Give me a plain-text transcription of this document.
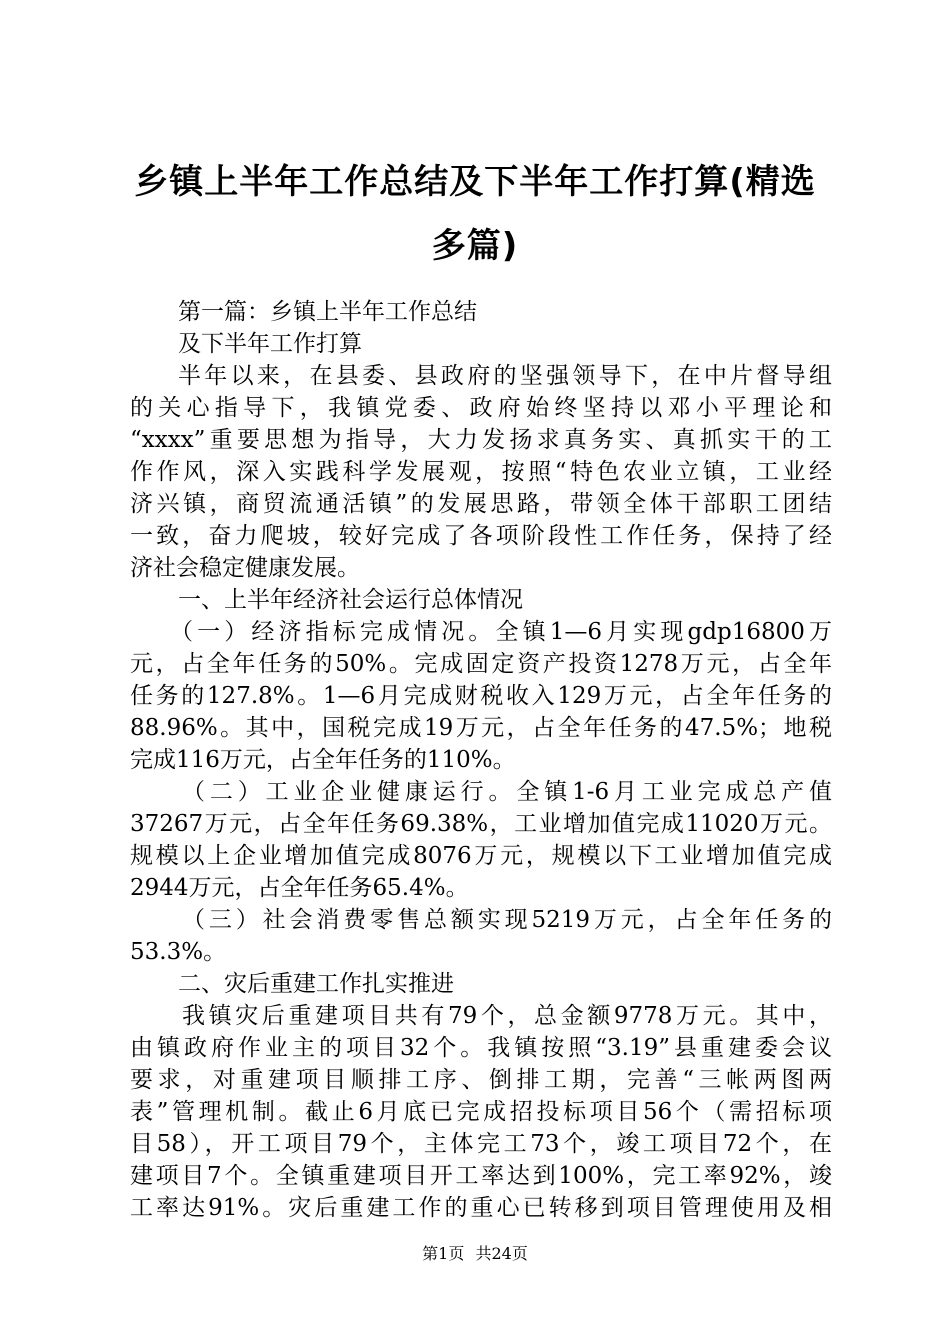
乡镇上半年工作总结及下半年工作打算(精选
多篇)
第一篇：乡镇上半年工作总结
及下半年工作打算
半年以来，在县委、县政府的坚强领导下，在中片督导组
的关心指导下，我镇党委、政府始终坚持以邓小平理论和
“xxxx”重要思想为指导，大力发扬求真务实、真抓实干的工
作作风，深入实践科学发展观，按照“特色农业立镇，工业经
济兴镇，商贸流通活镇”的发展思路，带领全体干部职工团结
一致，奋力爬坡，较好完成了各项阶段性工作任务，保持了经
济社会稳定健康发展。
一、上半年经济社会运行总体情况
（一）经济指标完成情况。全镇1—6月实现gdp16800万
元，占全年任务的50%。完成固定资产投资1278万元，占全年
任务的127.8%。1—6月完成财税收入129万元，占全年任务的
88.96%。其中，国税完成19万元，占全年任务的47.5%；地税
完成116万元，占全年任务的110%。
（二）工业企业健康运行。全镇1-6月工业完成总产值
37267万元，占全年任务69.38%，工业增加值完成11020万元。
规模以上企业增加值完成8076万元，规模以下工业增加值完成
2944万元，占全年任务65.4%。
（三）社会消费零售总额实现5219万元，占全年任务的
53.3%。
二、灾后重建工作扎实推进
我镇灾后重建项目共有79个，总金额9778万元。其中，
由镇政府作业主的项目32个。我镇按照“3.19”县重建委会议
要求，对重建项目顺排工序、倒排工期，完善“三帐两图两
表”管理机制。截止6月底已完成招投标项目56个（需招标项
目58），开工项目79个，主体完工73个，竣工项目72个，在
建项目7个。全镇重建项目开工率达到100%，完工率92%，竣
工率达91%。灾后重建工作的重心已转移到项目管理使用及相
第1页 共24页
